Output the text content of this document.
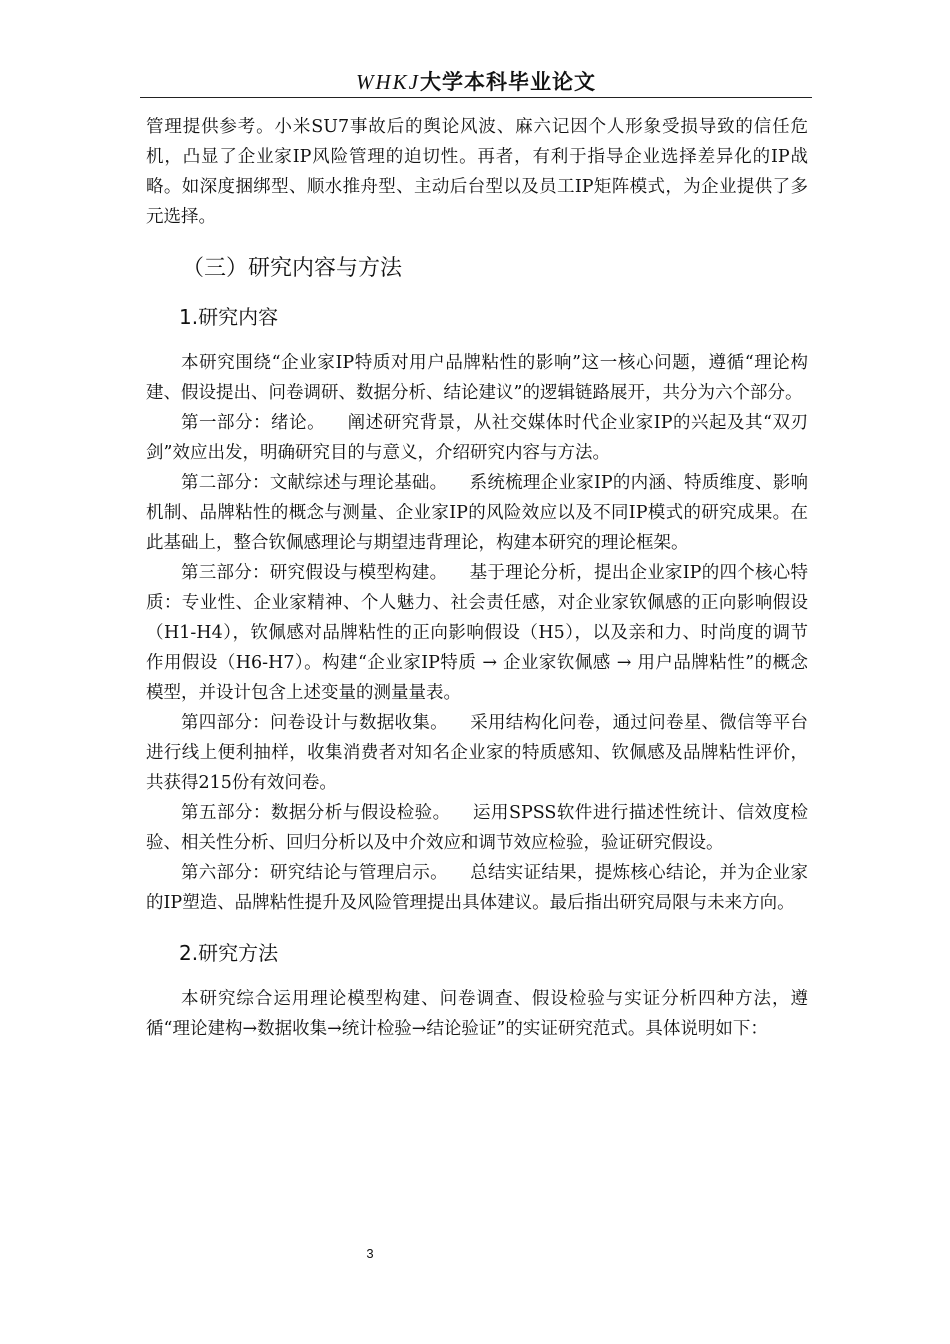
WHKJ大学本科毕业论文

管理提供参考。小米SU7事故后的舆论风波、麻六记因个人形象受损导致的信任危机，凸显了企业家IP风险管理的迫切性。再者，有利于指导企业选择差异化的IP战略。如深度捆绑型、顺水推舟型、主动后台型以及员工IP矩阵模式，为企业提供了多元选择。

（三）研究内容与方法
1.研究内容

本研究围绕“企业家IP特质对用户品牌粘性的影响”这一核心问题，遵循“理论构建、假设提出、问卷调研、数据分析、结论建议”的逻辑链路展开，共分为六个部分。

第一部分：绪论。 阐述研究背景，从社交媒体时代企业家IP的兴起及其“双刃剑”效应出发，明确研究目的与意义，介绍研究内容与方法。

第二部分：文献综述与理论基础。 系统梳理企业家IP的内涵、特质维度、影响机制、品牌粘性的概念与测量、企业家IP的风险效应以及不同IP模式的研究成果。在此基础上，整合钦佩感理论与期望违背理论，构建本研究的理论框架。

第三部分：研究假设与模型构建。 基于理论分析，提出企业家IP的四个核心特质：专业性、企业家精神、个人魅力、社会责任感，对企业家钦佩感的正向影响假设（H1-H4），钦佩感对品牌粘性的正向影响假设（H5），以及亲和力、时尚度的调节作用假设（H6-H7）。构建“企业家IP特质 → 企业家钦佩感 → 用户品牌粘性”的概念模型，并设计包含上述变量的测量量表。

第四部分：问卷设计与数据收集。 采用结构化问卷，通过问卷星、微信等平台进行线上便利抽样，收集消费者对知名企业家的特质感知、钦佩感及品牌粘性评价，共获得215份有效问卷。

第五部分：数据分析与假设检验。 运用SPSS软件进行描述性统计、信效度检验、相关性分析、回归分析以及中介效应和调节效应检验，验证研究假设。

第六部分：研究结论与管理启示。 总结实证结果，提炼核心结论，并为企业家的IP塑造、品牌粘性提升及风险管理提出具体建议。最后指出研究局限与未来方向。

2.研究方法

本研究综合运用理论模型构建、问卷调查、假设检验与实证分析四种方法，遵循“理论建构→数据收集→统计检验→结论验证”的实证研究范式。具体说明如下：

3
